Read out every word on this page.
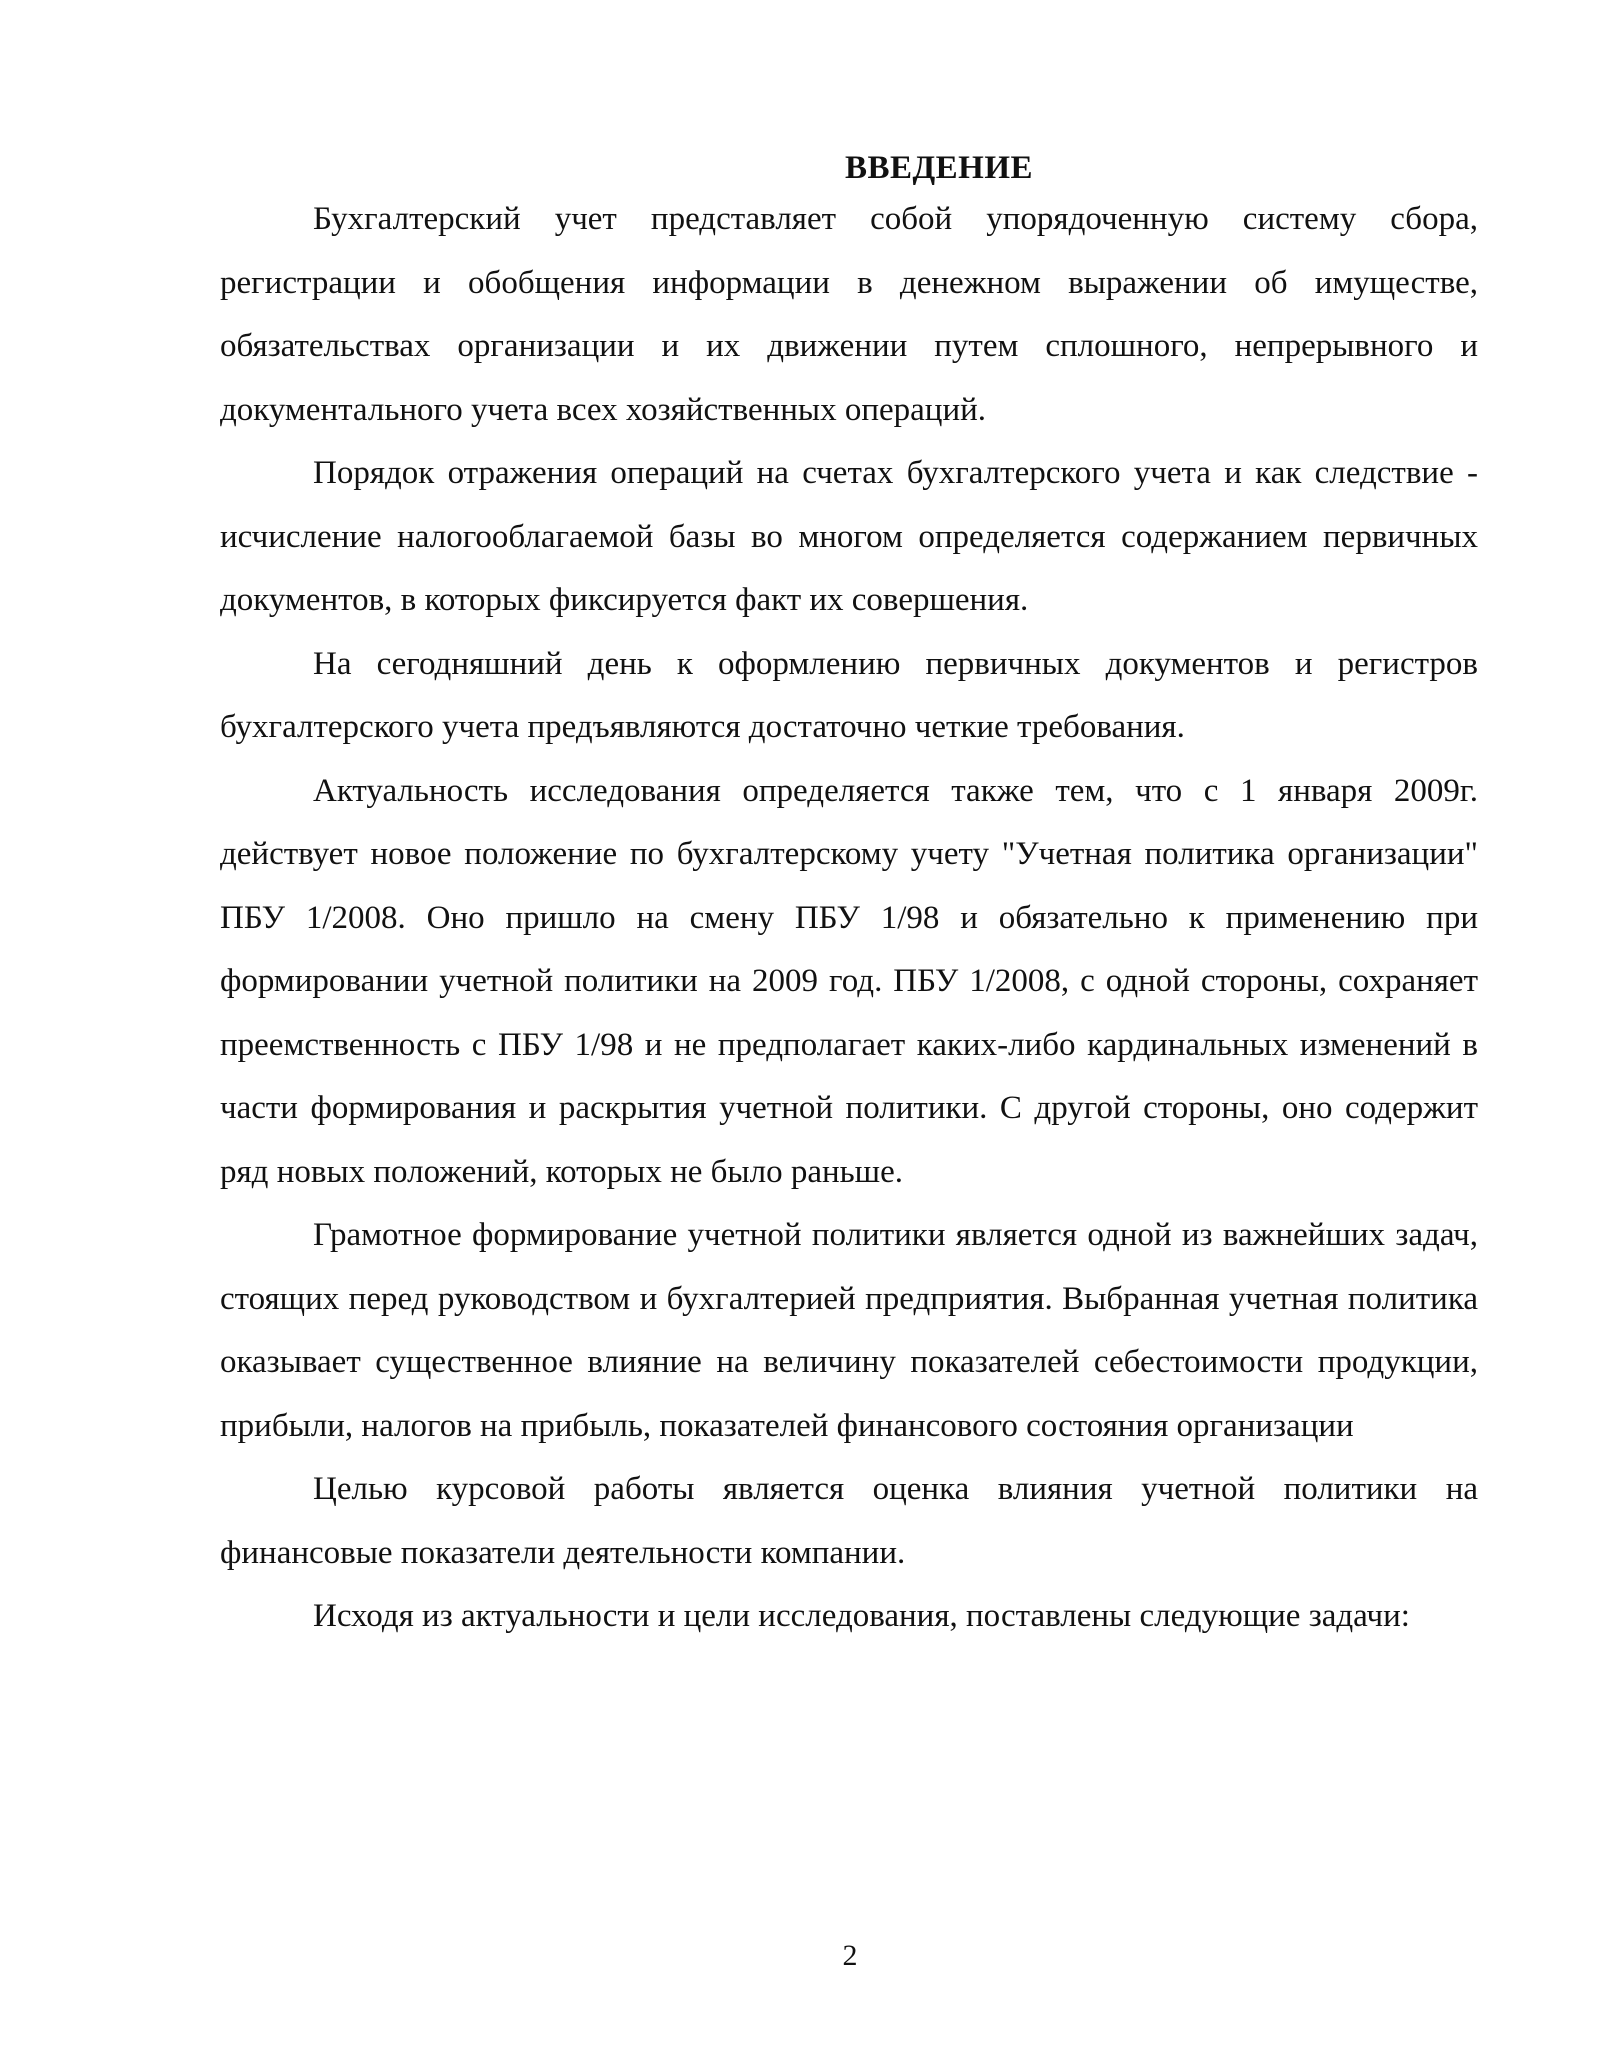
ВВЕДЕНИЕ

Бухгалтерский учет представляет собой упорядоченную систему сбора, регистрации и обобщения информации в денежном выражении об имуществе, обязательствах организации и их движении путем сплошного, непрерывного и документального учета всех хозяйственных операций.

Порядок отражения операций на счетах бухгалтерского учета и как следствие - исчисление налогооблагаемой базы во многом определяется содержанием первичных документов, в которых фиксируется факт их совершения.

На сегодняшний день к оформлению первичных документов и регистров бухгалтерского учета предъявляются достаточно четкие требования.

Актуальность исследования определяется также тем, что с 1 января 2009г. действует новое положение по бухгалтерскому учету "Учетная политика организации" ПБУ 1/2008. Оно пришло на смену ПБУ 1/98 и обязательно к применению при формировании учетной политики на 2009 год. ПБУ 1/2008, с одной стороны, сохраняет преемственность с ПБУ 1/98 и не предполагает каких-либо кардинальных изменений в части формирования и раскрытия учетной политики. С другой стороны, оно содержит ряд новых положений, которых не было раньше.

Грамотное формирование учетной политики является одной из важнейших задач, стоящих перед руководством и бухгалтерией предприятия. Выбранная учетная политика оказывает существенное влияние на величину показателей себестоимости продукции, прибыли, налогов на прибыль, показателей финансового состояния организации

Целью курсовой работы является оценка влияния учетной политики на финансовые показатели деятельности компании.

Исходя из актуальности и цели исследования, поставлены следующие задачи:

2
